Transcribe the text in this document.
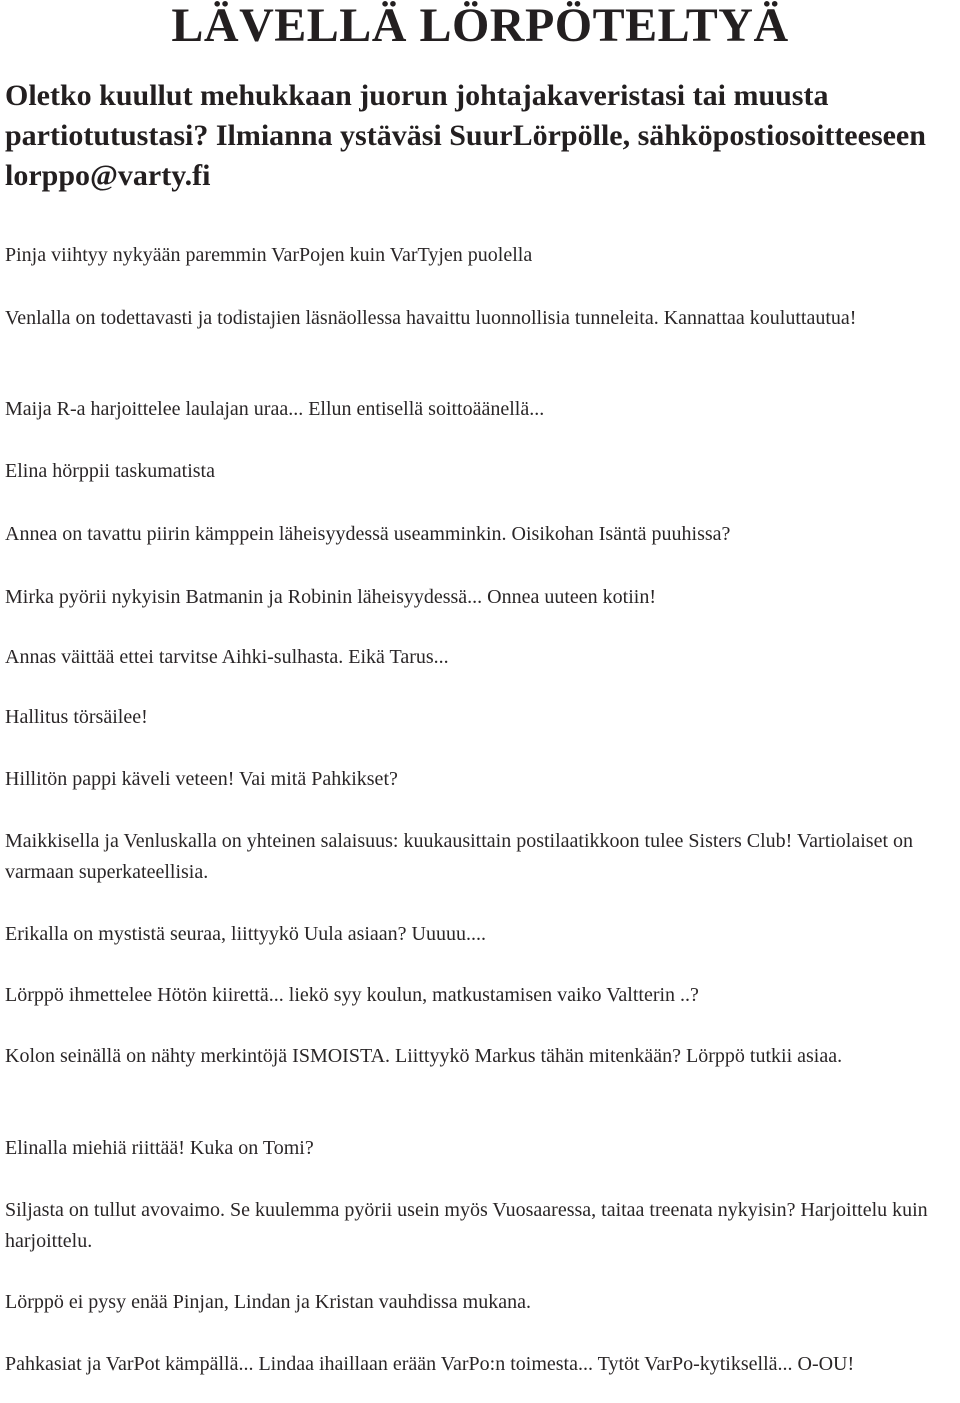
LÄVELLÄ LÖRPÖTELTYÄ

Oletko kuullut mehukkaan juorun johtajakaveristasi tai muusta partiotutustasi? Ilmianna ystäväsi SuurLörpölle, sähköpostiosoitteeseen lorppo@varty.fi

Pinja viihtyy nykyään paremmin VarPojen kuin VarTyjen puolella

Venlalla on todettavasti ja todistajien läsnäollessa havaittu luonnollisia tunneleita. Kannattaa kouluttautua!

Maija R-a harjoittelee laulajan uraa... Ellun entisellä soittoäänellä...

Elina hörppii taskumatista

Annea on tavattu piirin kämppein läheisyydessä useamminkin. Oisikohan Isäntä puuhissa?

Mirka pyörii nykyisin Batmanin ja Robinin läheisyydessä... Onnea uuteen kotiin!

Annas väittää ettei tarvitse Aihki-sulhasta. Eikä Tarus...

Hallitus törsäilee!

Hillitön pappi käveli veteen! Vai mitä Pahkikset?

Maikkisella ja Venluskalla on yhteinen salaisuus: kuukausittain postilaatikkoon tulee Sisters Club! Vartiolaiset on varmaan superkateellisia.

Erikalla on mystistä seuraa, liittyykö Uula asiaan? Uuuuu....

Lörppö ihmettelee Hötön kiirettä... liekö syy koulun, matkustamisen vaiko Valtterin ..?

Kolon seinällä on nähty merkintöjä ISMOISTA. Liittyykö Markus tähän mitenkään? Lörppö tutkii asiaa.

Elinalla miehiä riittää! Kuka on Tomi?

Siljasta on tullut avovaimo. Se kuulemma pyörii usein myös Vuosaaressa, taitaa treenata nykyisin? Harjoittelu kuin harjoittelu.

Lörppö ei pysy enää Pinjan, Lindan ja Kristan vauhdissa mukana.

Pahkasiat ja VarPot kämpällä... Lindaa ihaillaan erään VarPo:n toimesta... Tytöt VarPo-kytiksellä... O-OU!
